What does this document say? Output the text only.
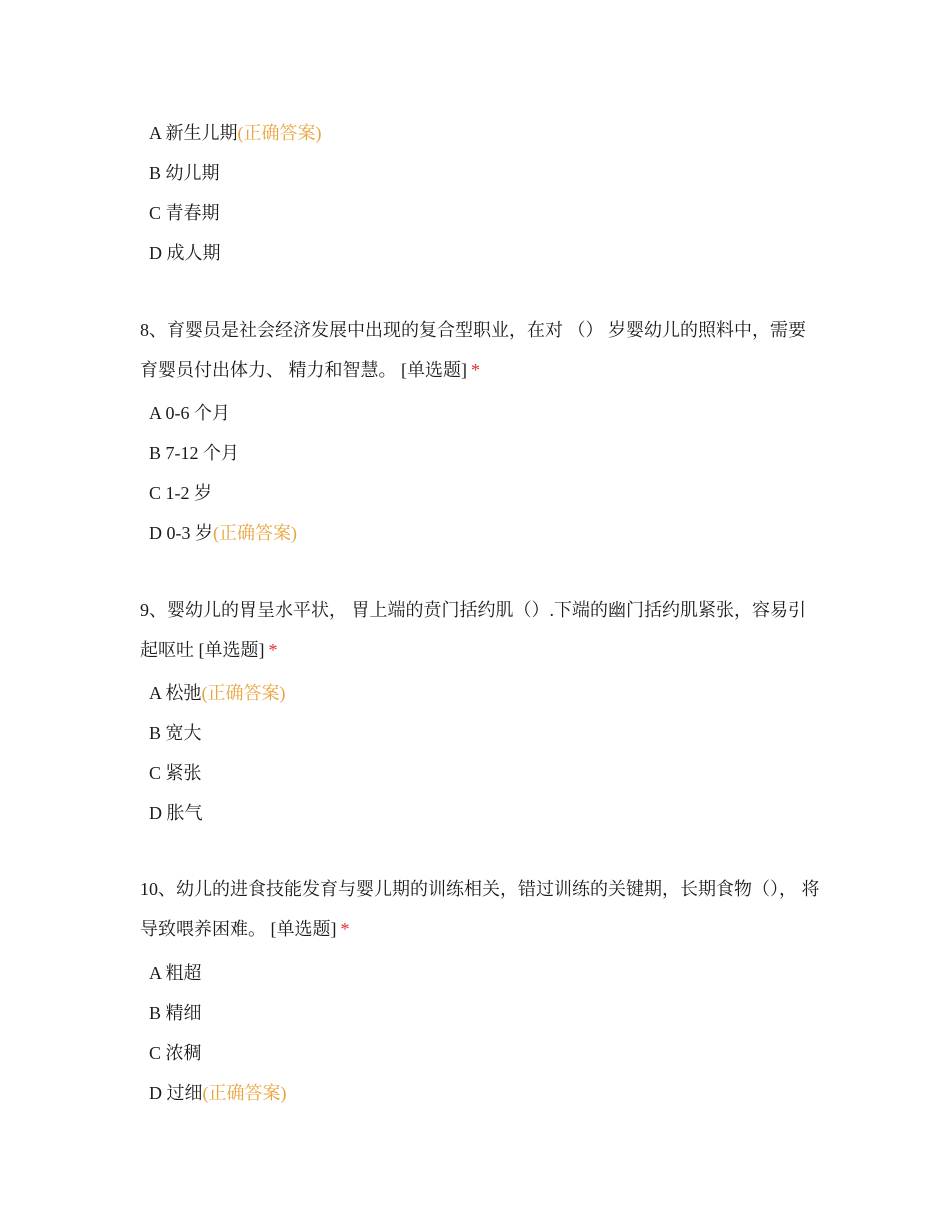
A 新生儿期(正确答案)
B 幼儿期
C 青春期
D 成人期

8、育婴员是社会经济发展中出现的复合型职业，在对 （） 岁婴幼儿的照料中，需要育婴员付出体力、 精力和智慧。 [单选题] *

A 0-6 个月
B 7-12 个月
C 1-2 岁
D 0-3 岁(正确答案)

9、婴幼儿的胃呈水平状， 胃上端的贲门括约肌（）.下端的幽门括约肌紧张，容易引起呕吐 [单选题] *

A 松弛(正确答案)
B 宽大
C 紧张
D 胀气

10、幼儿的进食技能发育与婴儿期的训练相关，错过训练的关键期，长期食物（）， 将导致喂养困难。 [单选题] *

A 粗超
B 精细
C 浓稠
D 过细(正确答案)
